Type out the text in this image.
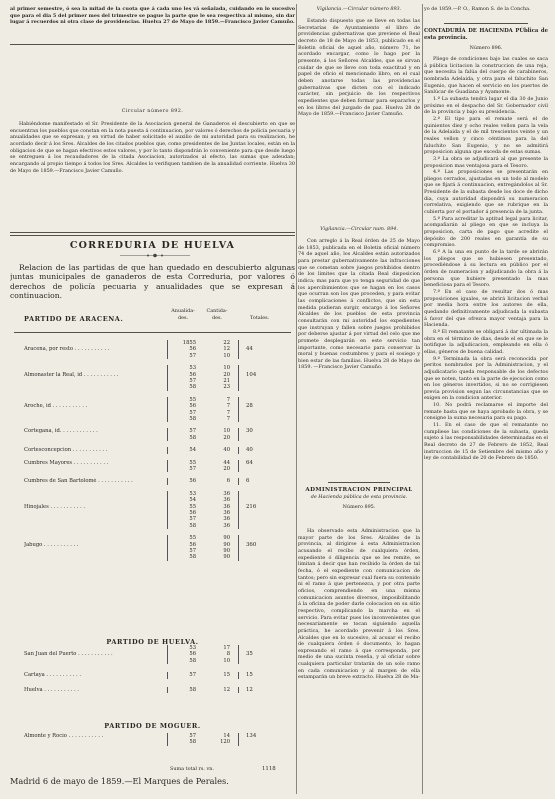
al primer semestre, ó sea la mitad de la cuota que á cada uno les vá señalada, cuidando en lo sucesivo que para el dia 5 del primer mes del trimestre se pague la parte que le sea respectiva al mismo, sin dar lugar á recuerdos ni otra clase de providencias. Huelva 27 de Mayo de 1859.—Francisco Javier Camuño.

Circular número 892.

Habiéndome manifestado el Sr. Presidente de la Asociacion general de Ganaderos el descubierto en que se encuentran los pueblos que constan en la nota puesta á continuacion, por valores ó derechos de policía pecuaria y anualidades que se expresan; y en virtud de haber solicitado el auxilio de mi autoridad para su realizacion, he acordado decir á los Sres. Alcaldes de los citados pueblos que, como presidentes de las Juntas locales, están en la obligacion de que se hagan efectivos estos valores, y por lo tanto dispondrán lo conveniente para que desde luego se entreguen á los recaudadores de la citada Asociacion, autorizados al efecto, las sumas que adeudan; encargando al propio tiempo á todos los Sres. Alcaldes lo verifiquen tambien de la anualidad corriente. Huelva 30 de Mayo de 1859.—Francisco Javier Camuño.

CORREDURIA DE HUELVA

Relacion de las partidas de que han quedado en descubierto algunas juntas municipales de ganaderos de esta Correduria, por valores ó derechos de policía pecuaria y anualidades que se expresan á continuacion.

PARTIDO DE ARACENA.
Anualida- des.
Cantida- des.	Totales.
Aracena, por resto . . . . . . . . . . .
1855	22
56	12
57	10
44
Almonaster la Real, id . . . . . . . . . . .
53	10
56	20
57	21
58	23
104
Aroche, id . . . . . . . . . . .
55	7
56	7
57	7
58	7
28
Cortegana, id. . . . . . . . . . . .	57	10
58	20
30
Cortesconcepcion . . . . . . . . . . .	54	40	40
Cumbres Mayores . . . . . . . . . . .	55	44
57	20
64
Cumbres de San Bartolomé . . . . . . . . . . .	56	6	6
Hinojales . . . . . . . . . . .
53	36
54	36
55	36
56	36
57	36
58	36
216
Jabugo . . . . . . . . . . .
55	90
56	90
57	90
58	90
360

PARTIDO DE HUELVA.

San Juan del Puerto . . . . . . . . . . .
53	17
56	8
58	10
35
Cartaya . . . . . . . . . . .	57	15	15
Huelva . . . . . . . . . . .	58	12	12

PARTIDO DE MOGUER.

Almonte y Rocío . . . . . . . . . . .	57	14
58	120
134
Suma total rs. vn.	1118

Madrid 6 de mayo de 1859.—El Marques de Perales.

Vigilancia.—Circular número 893.

Estando dispuesto que se lleve en todas las Secretarías de Ayuntamiento el libro de providencias gubernativas que previene el Real decreto de 18 de Mayo de 1853, publicado en el Boletin oficial de aquel año, número 71, he acordado encargar, como lo hago por la presente, á los Señores Alcaldes, que se sirvan cuidar de que se lleve con toda exactitud y en papel de oficio el mencionado libro, en el cual deben anotarse todas las providencias gubernativas que dicten con el indicado carácter, sin perjuicio de los respectivos expedientes que deben formar para separarlos y en los libros del juzgado de paz. Huelva 28 de Mayo de 1859.—Francisco Javier Camuño.

Vigilancia.—Circular num. 894.

Con arreglo á la Real órden de 25 de Mayo de 1853, publicada en el Boletin oficial número 74 de aquel año, los Alcaldes están autorizados para prestar gubernativamente las infracciones que se cometan sobre juegos prohibidos dentro de los limites que la citada Real disposicion indica; mas para que yo tenga seguridad de que los apercibimientos que se hagan en los casos que ocurran son los que proceden, y para evitar las complicaciones á conflictos, que sin esta medida pudieran surgir, encargo á los Señores Alcaldes de los pueblos de esta provincia consultarán con mi autoridad los expedientes que instruyan y fallen sobre juegos prohibidos por deberse ajustar á por virtud del celo que me promete desplegarán en este servicio tan importante, como necesario para conservar la moral y buenas costumbres y para el sosiego y bien estar de las familias. Huelva 28 de Mayo de 1859. —Francisco Javier Camuño.

ADMINISTRACION PRINCIPAL

de Hacienda pública de esta provincia.

Número 895.

Ha observado esta Administracion que la mayor parte de los Sres. Alcaldes de la provincia, al dirigirse á esta Administracion acusando el recibo de cualquiera órden, expediente ó diligencia que se les remite, se limitan á decir que han recibido la órden de tal fecha, ó el expediente con comunicacion de tantos; pero sin expresar cual fuera su contenido ni el ramo á que pertenezca, y por otra parte oficios, comprendiendo en una misma comunicacion asuntos diversos, imposibilitando á la oficina de poder darle colocacion en su sitio respectivo, complicando la marcha en el servicio. Para evitar pues los inconvenientes que necesariamente se tocan siguiendo aquella práctica, he acordado prevenir á los Sres. Alcaldes que en lo sucesivo, al acusar el recibo de cualquiera órden ó documento, lo hagan expresando el ramo á que corresponda, por medio de una sucinta reseña, y al oficiar sobre cualquiera particular tratarán de un solo ramo en cada comunicacion y al margen de ella estamparán un breve extracto. Huelva 28 de Ma-

yo de 1859.—P. O., Ramon S. de la Concha.

CONTADURÍA DE HACIENDA PÚblica de esta provincia.

Número 896.

Pliego de condiciones bajo las cuales se saca á pública licitacion la construccion de una reja, que necesita la falúa del cuerpo de carabineros, nombrada Adelaida, y otra para el faluchito San Eugenio, que hacen el servicio en los puertos de Sanlúcar de Guadiana y Ayamonte.

1.º La subasta tendrá lugar el dia 30 de Junio próximo en el despacho del Sr. Gobernador civil de la provincia y bajo su presidencia.

2.º El tipo para el remate será el de quinientos diez y ocho reales vellon para la vela de la Adelaida y el de mil trescientos veinte y un reales vellon y cinco céntimos para la del faluchito San Eugenio, y no se admitirá proposicion alguna que exceda de estas sumas.

3.º La obra se adjudicará al que presente la proposicion mas ventajosa para el Tesoro.

4.º Las proposiciones se presentarán en pliegos cerrados, ajustadas en un todo al modelo que se fijará á continuacion, entregándolos al Sr. Presidente de la subasta desde los doce de dicho dia, cuya autoridad dispondrá su numeracion correlativa, exigiendo que se rubrique en la cubierta por el portador á presencia de la junta.

5.º Para acreditar la aptitud legal para licitar, acompañarán al pliego en que se incluya la proposicion, carta de pago que acredite el depósito de 200 reales en garantía de su compromiso.

6.º A la una en punto de la tarde se abrirán los pliegos que se hubiesen presentado, procediéndose á su lectura en público por el órden de numeracion y adjudicando la obra á la persona que hubiere presentado la mas beneficiosa para el Tesoro.

7.º En el caso de resultar dos ó mas proposiciones iguales, se abrirá licitacion verbal por media hora entre los autores de ella, quedando definitivamente adjudicada la subasta á favor del que ofrezca mayor ventaja para la Hacienda.

8.º El rematante se obligará á dar ultimada la obra en el término de dias, desde el en que se le notifique la adjudicacion, empleando en ella ó ellas, géneros de buena calidad.

9.º Terminada la obra será reconocida por peritos nombrados por la Administracion, y el adjudicatario queda responsable de los defectos que se noten, tanto en la parte de ejecucion como en los géneros invertidos, si no se corrigiesen previa provision segun las circunstancias que se exigen en la condicion anterior.

10. No podrá reclamarse el importe del remate hasta que se haya aprobado la obra, y se consigne la suma necesaria para su pago.

11. En el caso de que el rematante no cumpliese las condiciones de la subasta, queda sujeto á las responsabilidades determinadas en el Real decreto de 27 de Febrero de 1852, Real instruccion de 15 de Setiembre del mismo año y ley de contabilidad de 20 de Febrero de 1850.
